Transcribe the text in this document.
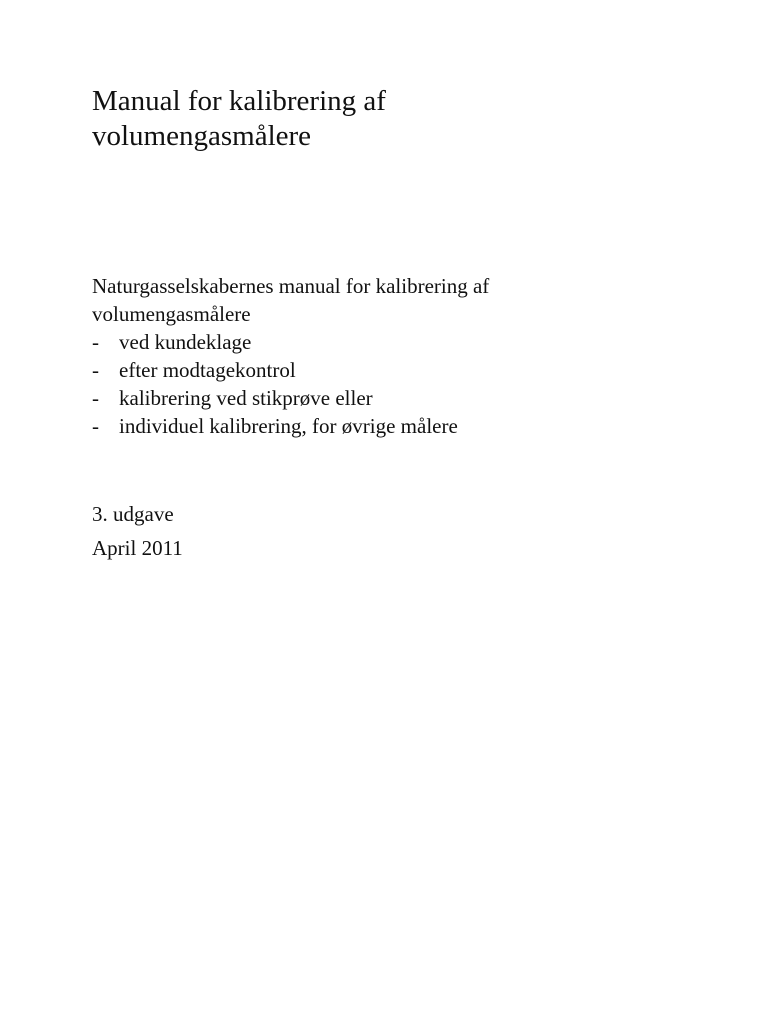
Manual for kalibrering af
volumengasmålere
Naturgasselskabernes manual for kalibrering af
volumengasmålere
- ved kundeklage
- efter modtagekontrol
- kalibrering ved stikprøve eller
- individuel kalibrering, for øvrige målere
3. udgave
April 2011
